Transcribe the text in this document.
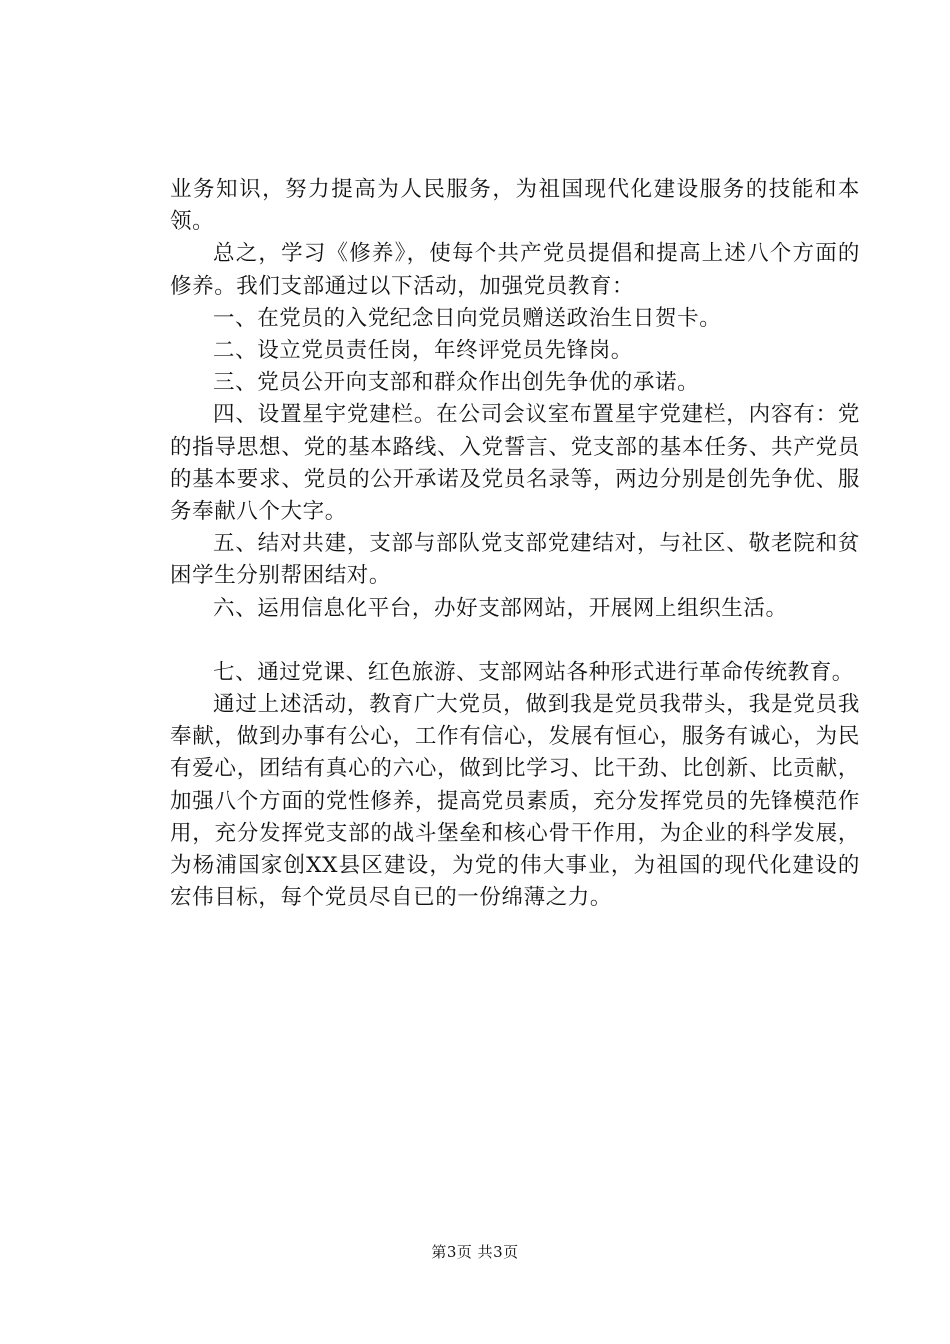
业务知识，努力提高为人民服务，为祖国现代化建设服务的技能和本领。

总之，学习《修养》，使每个共产党员提倡和提高上述八个方面的修养。我们支部通过以下活动，加强党员教育：

一、在党员的入党纪念日向党员赠送政治生日贺卡。

二、设立党员责任岗，年终评党员先锋岗。

三、党员公开向支部和群众作出创先争优的承诺。

四、设置星宇党建栏。在公司会议室布置星宇党建栏，内容有：党的指导思想、党的基本路线、入党誓言、党支部的基本任务、共产党员的基本要求、党员的公开承诺及党员名录等，两边分别是创先争优、服务奉献八个大字。

五、结对共建，支部与部队党支部党建结对，与社区、敬老院和贫困学生分别帮困结对。

六、运用信息化平台，办好支部网站，开展网上组织生活。

七、通过党课、红色旅游、支部网站各种形式进行革命传统教育。

通过上述活动，教育广大党员，做到我是党员我带头，我是党员我奉献，做到办事有公心，工作有信心，发展有恒心，服务有诚心，为民有爱心，团结有真心的六心，做到比学习、比干劲、比创新、比贡献，加强八个方面的党性修养，提高党员素质，充分发挥党员的先锋模范作用，充分发挥党支部的战斗堡垒和核心骨干作用，为企业的科学发展，为杨浦国家创XX县区建设，为党的伟大事业，为祖国的现代化建设的宏伟目标，每个党员尽自已的一份绵薄之力。

第3页 共3页
